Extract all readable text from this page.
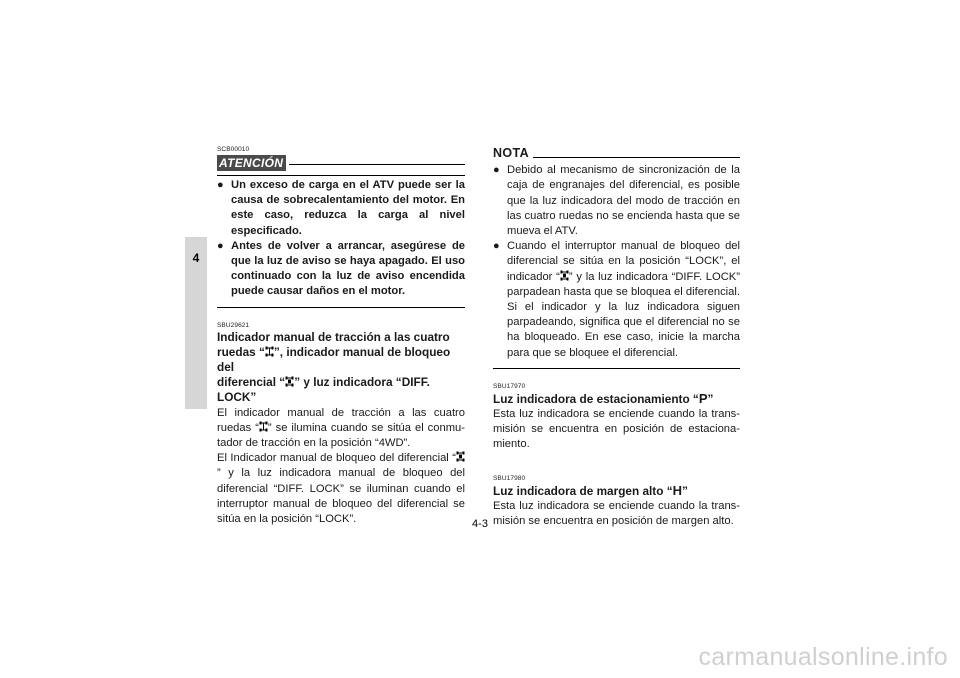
4
SCB00010
ATENCIÓN
● Un exceso de carga en el ATV puede ser la causa de sobrecalentamiento del motor. En este caso, reduzca la carga al nivel especificado.
● Antes de volver a arrancar, asegúrese de que la luz de aviso se haya apagado. El uso continuado con la luz de aviso encendida puede causar daños en el motor.
SBU29621
Indicador manual de tracción a las cuatro
ruedas “ ”, indicador manual de bloqueo del
diferencial “ ” y luz indicadora “DIFF. LOCK”

El indicador manual de tracción a las cuatro ruedas “ ” se ilumina cuando se sitúa el conmutador de tracción en la posición “4WD”.

El Indicador manual de bloqueo del diferencial “” y la luz indicadora manual de bloqueo del diferencial “DIFF. LOCK” se iluminan cuando el interruptor manual de bloqueo del diferencial se sitúa en la posición “LOCK”.

NOTA
● Debido al mecanismo de sincronización de la caja de engranajes del diferencial, es posible que la luz indicadora del modo de tracción en las cuatro ruedas no se encienda hasta que se mueva el ATV.
● Cuando el interruptor manual de bloqueo del diferencial se sitúa en la posición “LOCK”, el indicador “ ” y la luz indicadora “DIFF. LOCK” parpadean hasta que se bloquea el diferencial. Si el indicador y la luz indicadora siguen parpadeando, significa que el diferencial no se ha bloqueado. En ese caso, inicie la marcha para que se bloquee el diferencial.
SBU17970
Luz indicadora de estacionamiento “P”

Esta luz indicadora se enciende cuando la transmisión se encuentra en posición de estacionamiento.

SBU17980
Luz indicadora de margen alto “H”

Esta luz indicadora se enciende cuando la transmisión se encuentra en posición de margen alto.

4-3
carmanualsonline.info
